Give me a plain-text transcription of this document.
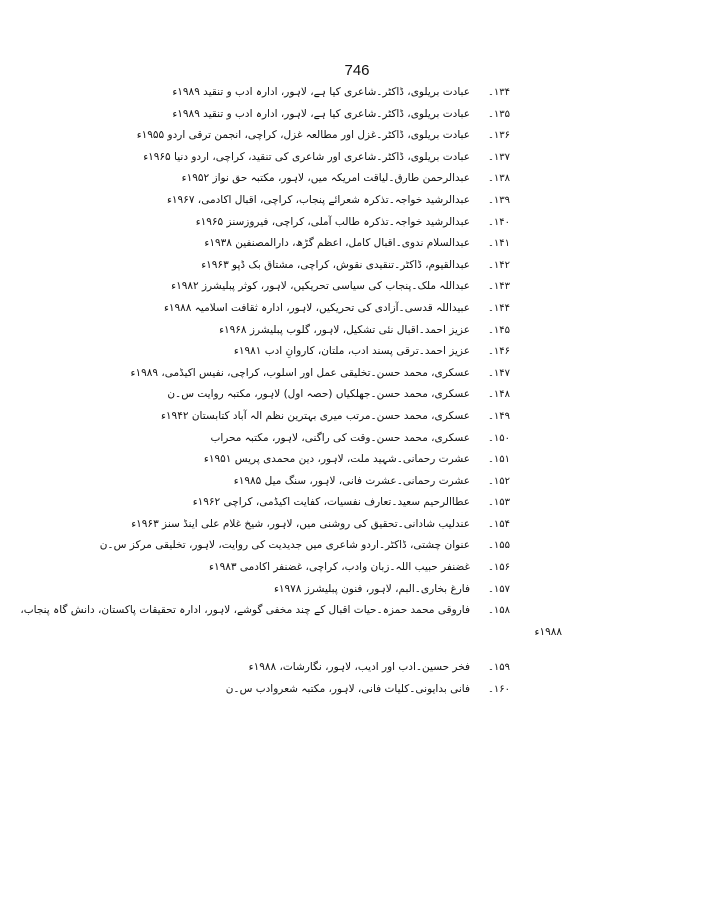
746
۱۳۴۔
عبادت بریلوی، ڈاکٹر۔شاعری کیا ہے، لاہور، ادارہ ادب و تنقید ۱۹۸۹ء
۱۳۵۔
عبادت بریلوی، ڈاکٹر۔شاعری کیا ہے، لاہور، ادارہ ادب و تنقید ۱۹۸۹ء
۱۳۶۔
عبادت بریلوی، ڈاکٹر۔غزل اور مطالعہ غزل، کراچی، انجمن ترقی اردو ۱۹۵۵ء
۱۳۷۔
عبادت بریلوی، ڈاکٹر۔شاعری اور شاعری کی تنقید، کراچی، اردو دنیا ۱۹۶۵ء
۱۳۸۔
عبدالرحمن طارق۔لیاقت امریکہ میں، لاہور، مکتبہ حق نواز ۱۹۵۲ء
۱۳۹۔
عبدالرشید خواجہ۔تذکرہ شعرائے پنجاب، کراچی، اقبال اکادمی، ۱۹۶۷ء
۱۴۰۔
عبدالرشید خواجہ۔تذکرہ طالب آملی، کراچی، فیروزسنز ۱۹۶۵ء
۱۴۱۔
عبدالسلام ندوی۔اقبال کامل، اعظم گڑھ، دارالمصنفین ۱۹۳۸ء
۱۴۲۔
عبدالقیوم، ڈاکٹر۔تنقیدی نقوش، کراچی، مشتاق بک ڈپو ۱۹۶۳ء
۱۴۳۔
عبداللہ ملک۔پنجاب کی سیاسی تحریکیں، لاہور، کوثر پبلیشرز ۱۹۸۲ء
۱۴۴۔
عبیداللہ قدسی۔آزادی کی تحریکیں، لاہور، ادارہ ثقافت اسلامیہ ۱۹۸۸ء
۱۴۵۔
عزیز احمد۔اقبال نئی تشکیل، لاہور، گلوب پبلیشرز ۱۹۶۸ء
۱۴۶۔
عزیز احمد۔ترقی پسند ادب، ملتان، کاروانِ ادب ۱۹۸۱ء
۱۴۷۔
عسکری، محمد حسن۔تخلیقی عمل اور اسلوب، کراچی، نفیس اکیڈمی، ۱۹۸۹ء
۱۴۸۔
عسکری، محمد حسن۔جھلکیاں (حصہ اول) لاہور، مکتبہ روایت س۔ن
۱۴۹۔
عسکری، محمد حسن۔مرتب میری بہترین نظم الہ آباد کتابستان ۱۹۴۲ء
۱۵۰۔
عسکری، محمد حسن۔وقت کی راگنی، لاہور، مکتبہ محراب
۱۵۱۔
عشرت رحمانی۔شہید ملت، لاہور، دین محمدی پریس ۱۹۵۱ء
۱۵۲۔
عشرت رحمانی۔عشرت فانی، لاہور، سنگ میل ۱۹۸۵ء
۱۵۳۔
عطاالرحیم سعید۔تعارف نفسیات، کفایت اکیڈمی، کراچی ۱۹۶۲ء
۱۵۴۔
عندلیب شادانی۔تحقیق کی روشنی میں، لاہور، شیخ غلام علی اینڈ سنز ۱۹۶۳ء
۱۵۵۔
عنوان چشتی، ڈاکٹر۔اردو شاعری میں جدیدیت کی روایت، لاہور، تخلیقی مرکز س۔ن
۱۵۶۔
غضنفر حبیب اللہ۔زبان وادب، کراچی، غضنفر اکادمی ۱۹۸۳ء
۱۵۷۔
فارغ بخاری۔البم، لاہور، فنون پبلیشرز ۱۹۷۸ء
۱۵۸۔
فاروقی محمد حمزہ۔حیات اقبال کے چند مخفی گوشے، لاہور، ادارہ تحقیقات پاکستان، دانش گاہ پنجاب،
۱۹۸۸ء
۱۵۹۔
فخر حسین۔ادب اور ادیب، لاہور، نگارشات، ۱۹۸۸ء
۱۶۰۔
فانی بدایونی۔کلیات فانی، لاہور، مکتبہ شعروادب س۔ن
